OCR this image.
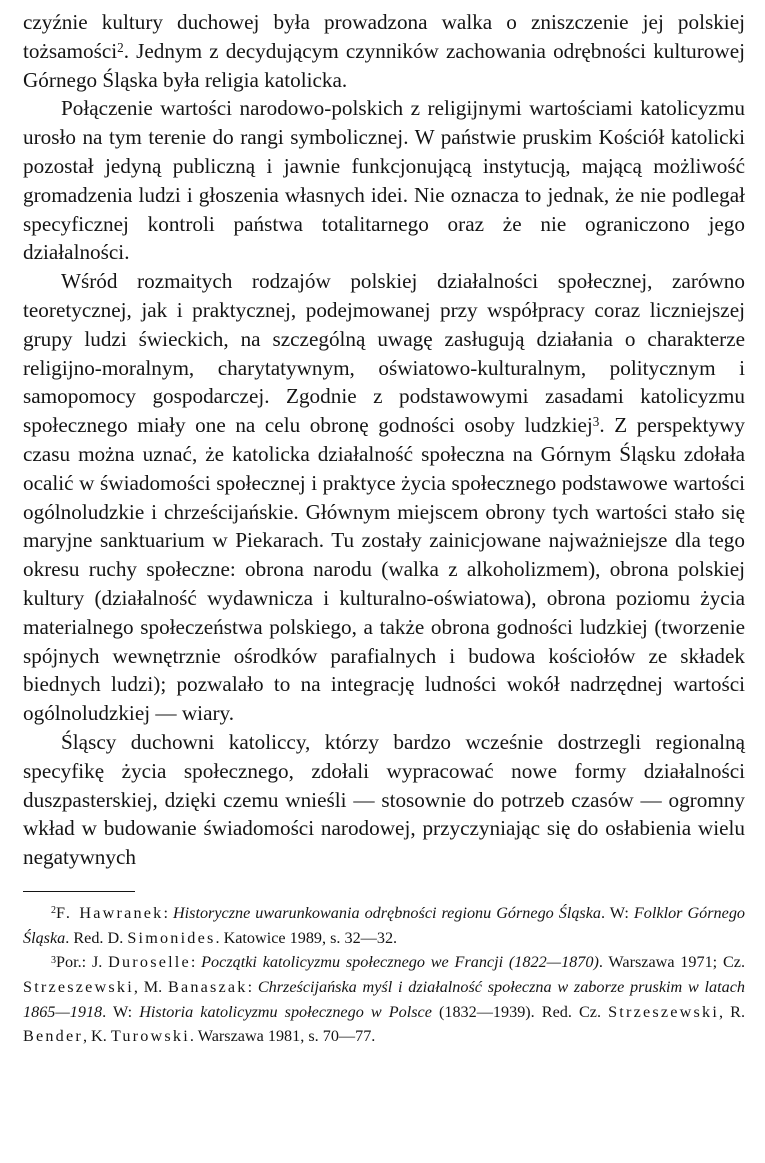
czyźnie kultury duchowej była prowadzona walka o zniszczenie jej polskiej tożsamości$^2$. Jednym z decydującym czynników zachowania odrębności kulturowej Górnego Śląska była religia katolicka.

Połączenie wartości narodowo-polskich z religijnymi wartościami katolicyzmu urosło na tym terenie do rangi symbolicznej. W państwie pruskim Kościół katolicki pozostał jedyną publiczną i jawnie funkcjonującą instytucją, mającą możliwość gromadzenia ludzi i głoszenia własnych idei. Nie oznacza to jednak, że nie podlegał specyficznej kontroli państwa totalitarnego oraz że nie ograniczono jego działalności.

Wśród rozmaitych rodzajów polskiej działalności społecznej, zarówno teoretycznej, jak i praktycznej, podejmowanej przy współpracy coraz liczniejszej grupy ludzi świeckich, na szczególną uwagę zasługują działania o charakterze religijno-moralnym, charytatywnym, oświatowo-kulturalnym, politycznym i samopomocy gospodarczej. Zgodnie z podstawowymi zasadami katolicyzmu społecznego miały one na celu obronę godności osoby ludzkiej$^3$. Z perspektywy czasu można uznać, że katolicka działalność społeczna na Górnym Śląsku zdołała ocalić w świadomości społecznej i praktyce życia społecznego podstawowe wartości ogólnoludzkie i chrześcijańskie. Głównym miejscem obrony tych wartości stało się maryjne sanktuarium w Piekarach. Tu zostały zainicjowane najważniejsze dla tego okresu ruchy społeczne: obrona narodu (walka z alkoholizmem), obrona polskiej kultury (działalność wydawnicza i kulturalno-oświatowa), obrona poziomu życia materialnego społeczeństwa polskiego, a także obrona godności ludzkiej (tworzenie spójnych wewnętrznie ośrodków parafialnych i budowa kościołów ze składek biednych ludzi); pozwalało to na integrację ludności wokół nadrzędnej wartości ogólnoludzkiej — wiary.

Śląscy duchowni katoliccy, którzy bardzo wcześnie dostrzegli regionalną specyfikę życia społecznego, zdołali wypracować nowe formy działalności duszpasterskiej, dzięki czemu wnieśli — stosownie do potrzeb czasów — ogromny wkład w budowanie świadomości narodowej, przyczyniając się do osłabienia wielu negatywnych

$^2$F. Hawranek: Historyczne uwarunkowania odrębności regionu Górnego Śląska. W: Folklor Górnego Śląska. Red. D. Simonides. Katowice 1989, s. 32—32.

$^3$Por.: J. Duroselle: Początki katolicyzmu społecznego we Francji (1822—1870). Warszawa 1971; Cz. Strzeszewski, M. Banaszak: Chrześcijańska myśl i działalność społeczna w zaborze pruskim w latach 1865—1918. W: Historia katolicyzmu społecznego w Polsce (1832—1939). Red. Cz. Strzeszewski, R. Bender, K. Turowski. Warszawa 1981, s. 70—77.
